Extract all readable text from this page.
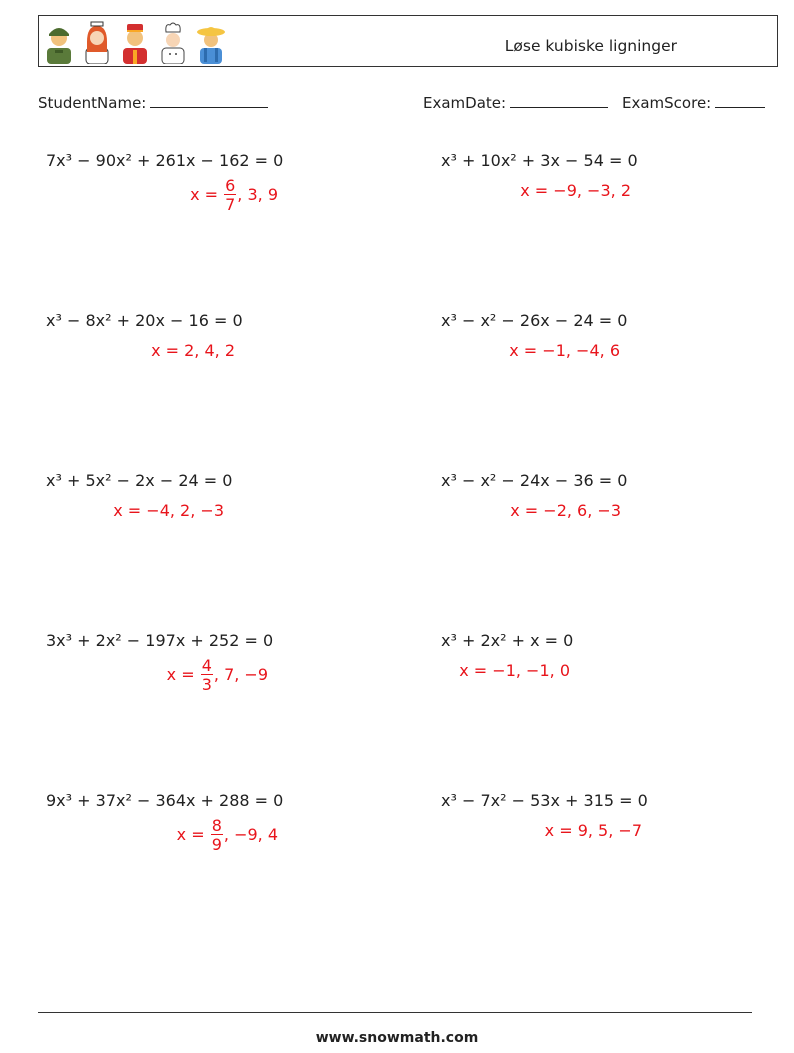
Løse kubiske ligninger
StudentName:	ExamDate:	ExamScore:
7x³ − 90x² + 261x − 162 = 0
$x = \frac{6}{7}$ , 3, 9
x³ + 10x² + 3x − 54 = 0
x = −9, −3, 2
x³ − 8x² + 20x − 16 = 0
x = 2, 4, 2
x³ − x² − 26x − 24 = 0
x = −1, −4, 6
x³ + 5x² − 2x − 24 = 0
x = −4, 2, −3
x³ − x² − 24x − 36 = 0
x = −2, 6, −3
3x³ + 2x² − 197x + 252 = 0
$x = \frac{4}{3}$ , 7, −9
x³ + 2x² + x = 0
x = −1, −1, 0
9x³ + 37x² − 364x + 288 = 0
$x = \frac{8}{9}$ , −9, 4
x³ − 7x² − 53x + 315 = 0
x = 9, 5, −7
www.snowmath.com
